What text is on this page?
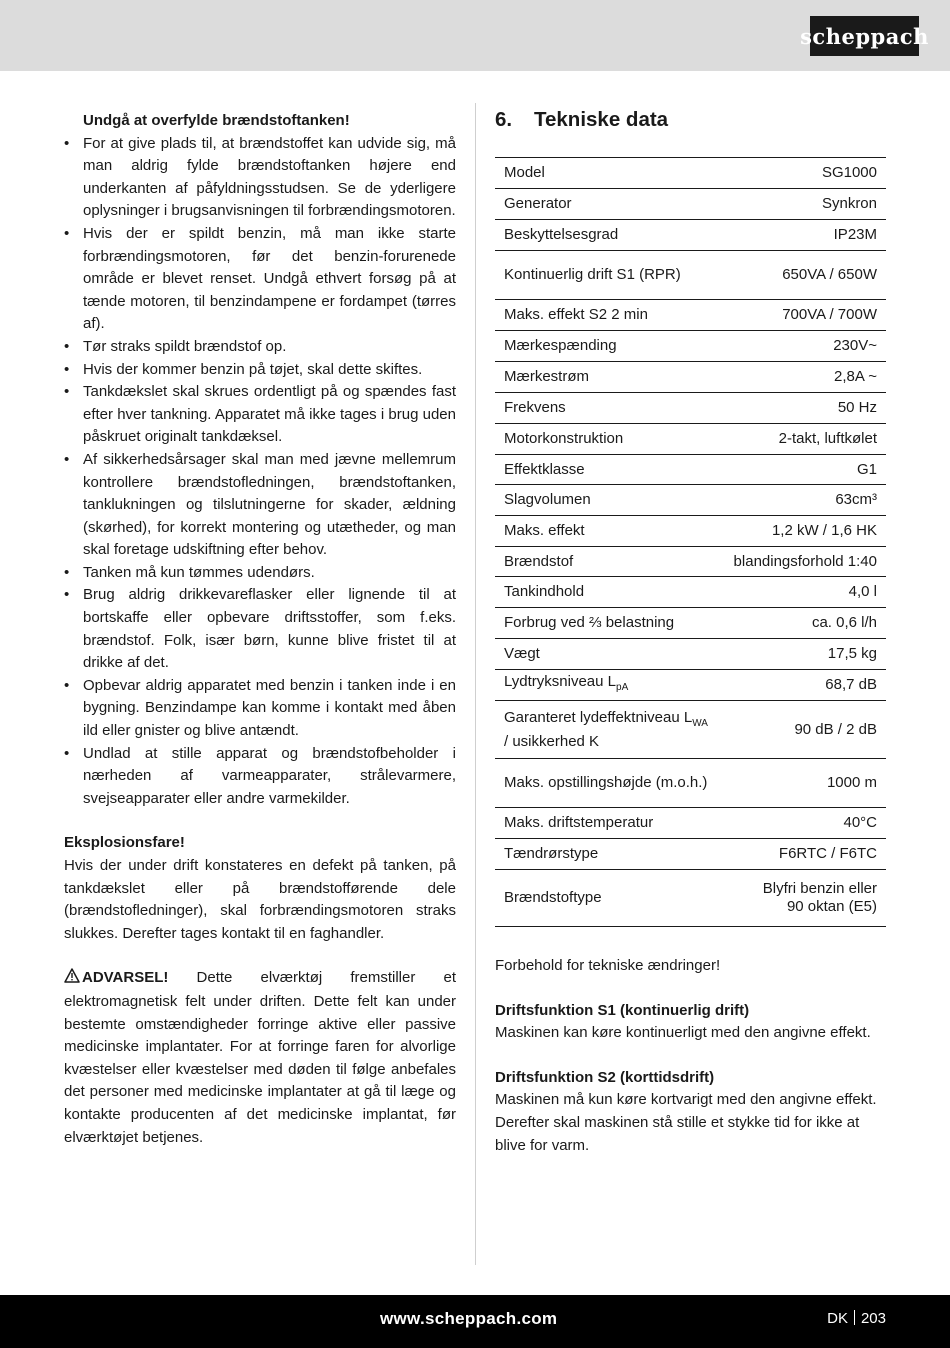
scheppach
Undgå at overfylde brændstoftanken!
• For at give plads til, at brændstoffet kan udvide sig, må man aldrig fylde brændstoftanken højere end underkanten af påfyldningsstudsen. Se de yderligere oplysninger i brugsanvisningen til forbrændingsmotoren.
• Hvis der er spildt benzin, må man ikke starte forbrændingsmotoren, før det benzin-forurenede område er blevet renset. Undgå ethvert forsøg på at tænde motoren, til benzindampene er fordampet (tørres af).
• Tør straks spildt brændstof op.
• Hvis der kommer benzin på tøjet, skal dette skiftes.
• Tankdækslet skal skrues ordentligt på og spændes fast efter hver tankning. Apparatet må ikke tages i brug uden påskruet originalt tankdæksel.
• Af sikkerhedsårsager skal man med jævne mellemrum kontrollere brændstofledningen, brændstoftanken, tanklukningen og tilslutningerne for skader, ældning (skørhed), for korrekt montering og utætheder, og man skal foretage udskiftning efter behov.
• Tanken må kun tømmes udendørs.
• Brug aldrig drikkevareflasker eller lignende til at bortskaffe eller opbevare driftsstoffer, som f.eks. brændstof. Folk, især børn, kunne blive fristet til at drikke af det.
• Opbevar aldrig apparatet med benzin i tanken inde i en bygning. Benzindampe kan komme i kontakt med åben ild eller gnister og blive antændt.
• Undlad at stille apparat og brændstofbeholder i nærheden af varmeapparater, strålevarmere, svejseapparater eller andre varmekilder.
Eksplosionsfare!

Hvis der under drift konstateres en defekt på tanken, på tankdækslet eller på brændstofførende dele (brændstofledninger), skal forbrændingsmotoren straks slukkes. Derefter tages kontakt til en faghandler.

ADVARSEL! Dette elværktøj fremstiller et elektromagnetisk felt under driften. Dette felt kan under bestemte omstændigheder forringe aktive eller passive medicinske implantater. For at forringe faren for alvorlige kvæstelser eller kvæstelser med døden til følge anbefales det personer med medicinske implantater at gå til læge og kontakte producenten af det medicinske implantat, før elværktøjet betjenes.

6. Tekniske data
Model	SG1000
Generator	Synkron
Beskyttelsesgrad	IP23M
Kontinuerlig drift S1 (RPR)	650VA / 650W
Maks. effekt S2 2 min	700VA / 700W
Mærkespænding	230V~
Mærkestrøm	2,8A ~
Frekvens	50 Hz
Motorkonstruktion	2-takt, luftkølet
Effektklasse	G1
Slagvolumen	63cm³
Maks. effekt	1,2 kW / 1,6 HK
Brændstof	blandingsforhold 1:40
Tankindhold	4,0 l
Forbrug ved ⅔ belastning	ca. 0,6 l/h
Vægt	17,5 kg
Lydtryksniveau $L_{pA}$	68,7 dB
Garanteret lydeffektniveau $L_{WA}$ / usikkerhed K	90 dB / 2 dB
Maks. opstillingshøjde (m.o.h.)	1000 m
Maks. driftstemperatur	40°C
Tændrørstype	F6RTC / F6TC
Brændstoftype	Blyfri benzin eller 90 oktan (E5)

Forbehold for tekniske ændringer!

Driftsfunktion S1 (kontinuerlig drift)

Maskinen kan køre kontinuerligt med den angivne effekt.

Driftsfunktion S2 (korttidsdrift)

Maskinen må kun køre kortvarigt med den angivne effekt. Derefter skal maskinen stå stille et stykke tid for ikke at blive for varm.

www.scheppach.com	DK 203
